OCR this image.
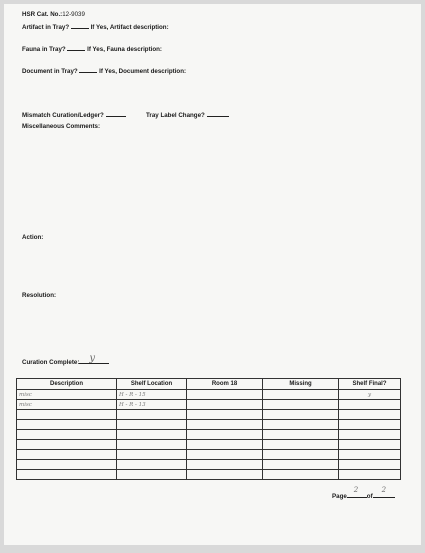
HSR Cat. No.:12-9039
Artifact in Tray?	If Yes, Artifact description:
Fauna in Tray?	If Yes, Fauna description:
Document in Tray?	If Yes, Document description:
Mismatch Curation/Ledger?	Tray Label Change?
Miscellaneous Comments:
Action:
Resolution:
Curation Complete: y
Description	Shelf Location	Room 18	Missing	Shelf Final?
misc	H - R - 15			y
misc	H - R - 13			

Page
2
of
2
